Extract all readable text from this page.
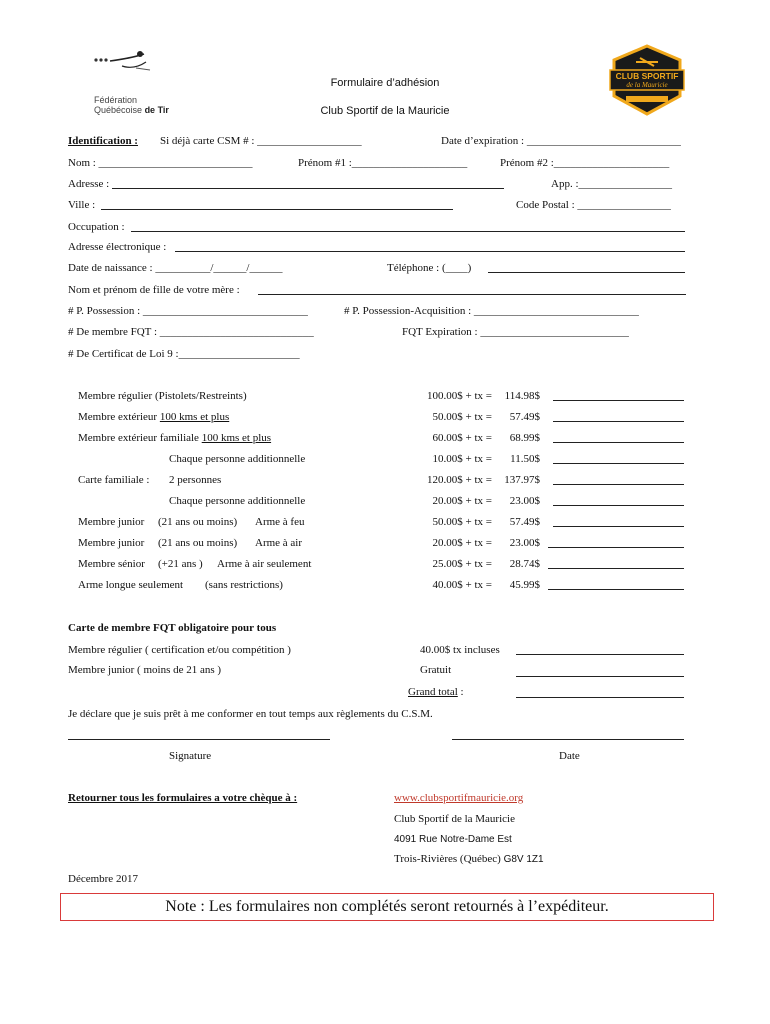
Fédération
Québécoise de Tir
Formulaire d’adhésion
Club Sportif de la Mauricie
CLUB SPORTIF
de la Mauricie
Identification : Si déjà carte CSM # : ___________________	Date d’expiration : ____________________________
Nom : ____________________________	Prénom #1 :_____________________	Prénom #2 :_____________________
Adresse :	App. :_________________
Ville :	Code Postal : _________________
Occupation :
Adresse électronique :
Date de naissance : __________/______/______	Téléphone : (____)
Nom et prénom de fille de votre mère :
# P. Possession : ______________________________	# P. Possession-Acquisition : ______________________________
# De membre FQT : ____________________________	FQT Expiration : ___________________________
# De Certificat de Loi 9 :______________________
Membre régulier (Pistolets/Restreints)	100.00$ + tx =	114.98$
Membre extérieur 100 kms et plus	50.00$ + tx =	57.49$
Membre extérieur familiale 100 kms et plus	60.00$ + tx =	68.99$
Chaque personne additionnelle	10.00$ + tx =	11.50$
Carte familiale : 2 personnes	120.00$ + tx =	137.97$
Chaque personne additionnelle	20.00$ + tx =	23.00$
Membre junior (21 ans ou moins) Arme à feu	50.00$ + tx =	57.49$
Membre junior (21 ans ou moins) Arme à air	20.00$ + tx =	23.00$
Membre sénior (+21 ans ) Arme à air seulement	25.00$ + tx =	28.74$
Arme longue seulement (sans restrictions)	40.00$ + tx =	45.99$
Carte de membre FQT obligatoire pour tous
Membre régulier ( certification et/ou compétition )	40.00$ tx incluses
Membre junior ( moins de 21 ans )	Gratuit
Grand total :
Je déclare que je suis prêt à me conformer en tout temps aux règlements du C.S.M.
Signature	Date
Retourner tous les formulaires a votre chèque à :	www.clubsportifmauricie.org
Club Sportif de la Mauricie
4091 Rue Notre-Dame Est
Trois-Rivières (Québec) G8V 1Z1
Décembre 2017
Note : Les formulaires non complétés seront retournés à l’expéditeur.
